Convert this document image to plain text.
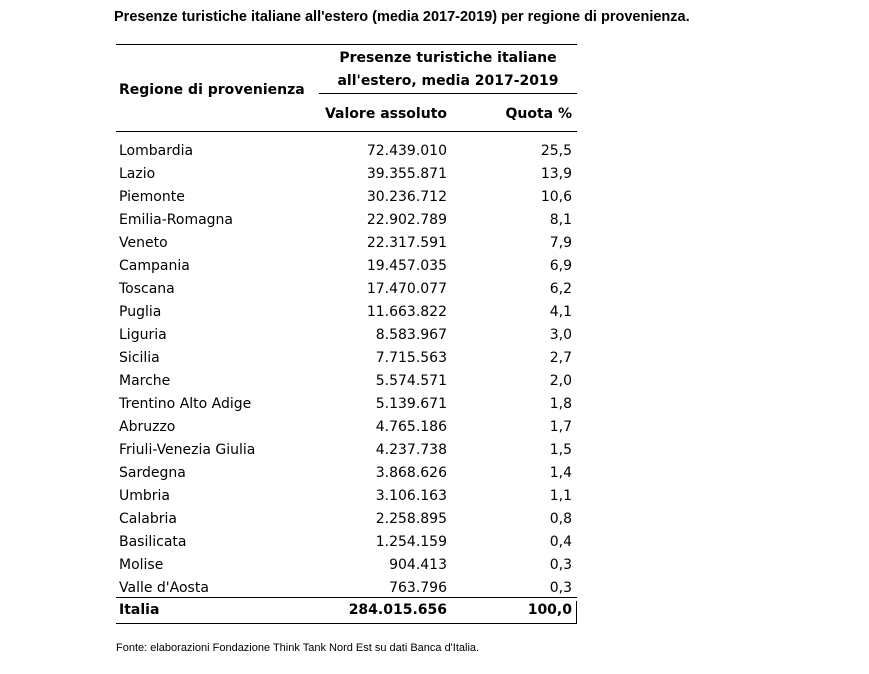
Presenze turistiche italiane all'estero (media 2017-2019) per regione di provenienza.
Presenze turistiche italiane
all'estero, media 2017-2019
Regione di provenienza
Valore assoluto	Quota %
Lombardia	72.439.010	25,5
Lazio	39.355.871	13,9
Piemonte	30.236.712	10,6
Emilia-Romagna	22.902.789	8,1
Veneto	22.317.591	7,9
Campania	19.457.035	6,9
Toscana	17.470.077	6,2
Puglia	11.663.822	4,1
Liguria	8.583.967	3,0
Sicilia	7.715.563	2,7
Marche	5.574.571	2,0
Trentino Alto Adige	5.139.671	1,8
Abruzzo	4.765.186	1,7
Friuli-Venezia Giulia	4.237.738	1,5
Sardegna	3.868.626	1,4
Umbria	3.106.163	1,1
Calabria	2.258.895	0,8
Basilicata	1.254.159	0,4
Molise	904.413	0,3
Valle d'Aosta	763.796	0,3
Italia	284.015.656	100,0
Fonte: elaborazioni Fondazione Think Tank Nord Est su dati Banca d'Italia.
